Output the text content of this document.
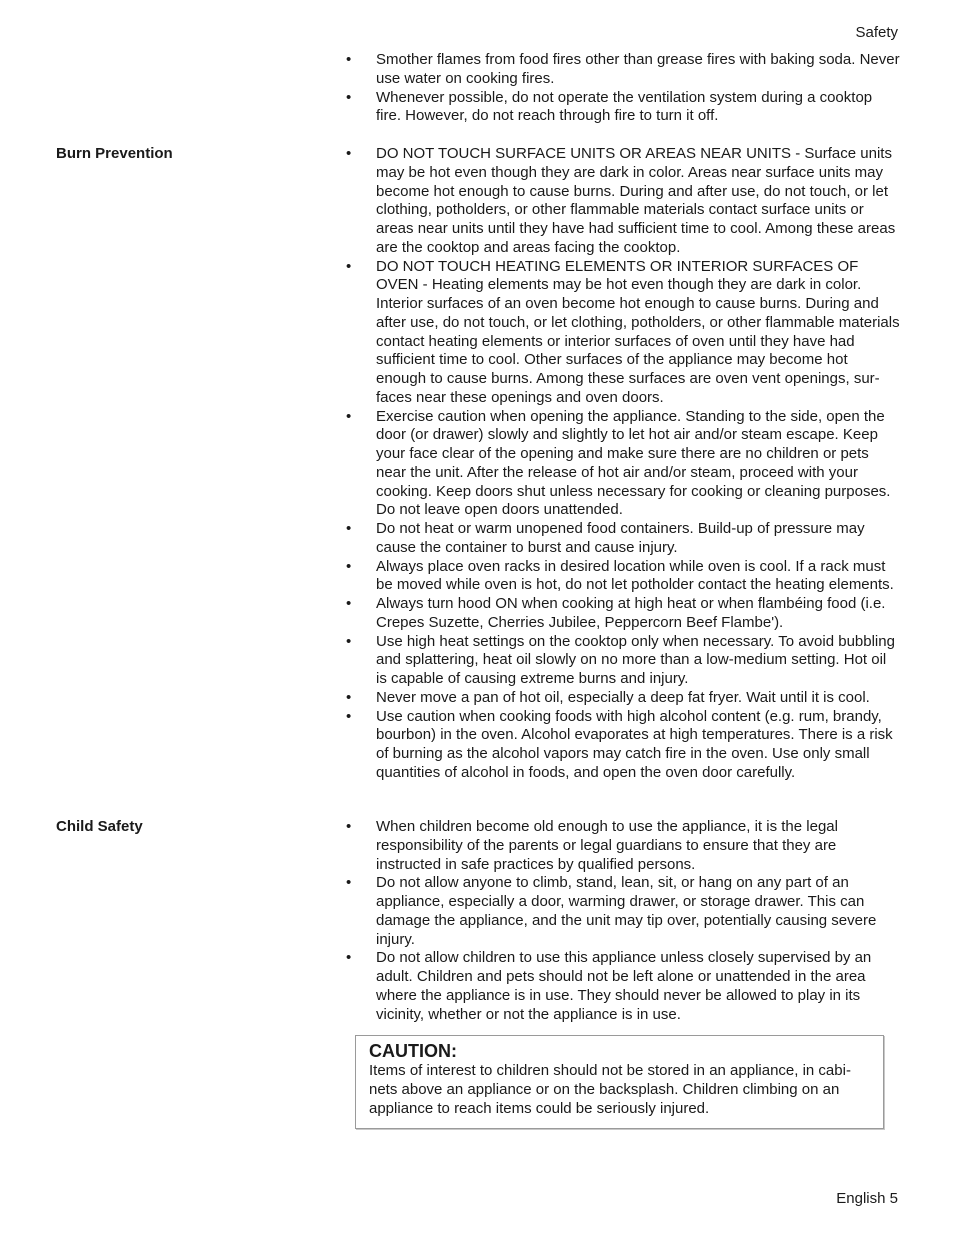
Safety
• Smother flames from food fires other than grease fires with baking soda. Never use water on cooking fires.
• Whenever possible, do not operate the ventilation system during a cooktop fire. However, do not reach through fire to turn it off.
Burn Prevention	• DO NOT TOUCH SURFACE UNITS OR AREAS NEAR UNITS - Surface units may be hot even though they are dark in color. Areas near surface units may become hot enough to cause burns. During and after use, do not touch, or let clothing, potholders, or other flammable materials contact surface units or areas near units until they have had sufficient time to cool. Among these areas are the cooktop and areas facing the cooktop.
• DO NOT TOUCH HEATING ELEMENTS OR INTERIOR SURFACES OF OVEN - Heating elements may be hot even though they are dark in color. Interior surfaces of an oven become hot enough to cause burns. During and after use, do not touch, or let clothing, potholders, or other flammable materials contact heating elements or interior surfaces of oven until they have had sufficient time to cool. Other surfaces of the appliance may become hot enough to cause burns. Among these surfaces are oven vent openings, surfaces near these openings and oven doors.
• Exercise caution when opening the appliance. Standing to the side, open the door (or drawer) slowly and slightly to let hot air and/or steam escape. Keep your face clear of the opening and make sure there are no children or pets near the unit. After the release of hot air and/or steam, proceed with your cooking. Keep doors shut unless necessary for cooking or cleaning purposes. Do not leave open doors unattended.
• Do not heat or warm unopened food containers. Build-up of pressure may cause the container to burst and cause injury.
• Always place oven racks in desired location while oven is cool. If a rack must be moved while oven is hot, do not let potholder contact the heating elements.
• Always turn hood ON when cooking at high heat or when flambéing food (i.e. Crepes Suzette, Cherries Jubilee, Peppercorn Beef Flambe').
• Use high heat settings on the cooktop only when necessary. To avoid bubbling and splattering, heat oil slowly on no more than a low-medium setting. Hot oil is capable of causing extreme burns and injury.
• Never move a pan of hot oil, especially a deep fat fryer. Wait until it is cool.
• Use caution when cooking foods with high alcohol content (e.g. rum, brandy, bourbon) in the oven. Alcohol evaporates at high temperatures. There is a risk of burning as the alcohol vapors may catch fire in the oven. Use only small quantities of alcohol in foods, and open the oven door carefully.
Child Safety	• When children become old enough to use the appliance, it is the legal responsibility of the parents or legal guardians to ensure that they are instructed in safe practices by qualified persons.
• Do not allow anyone to climb, stand, lean, sit, or hang on any part of an appliance, especially a door, warming drawer, or storage drawer. This can damage the appliance, and the unit may tip over, potentially causing severe injury.
• Do not allow children to use this appliance unless closely supervised by an adult. Children and pets should not be left alone or unattended in the area where the appliance is in use. They should never be allowed to play in its vicinity, whether or not the appliance is in use.
CAUTION:
Items of interest to children should not be stored in an appliance, in cabinets above an appliance or on the backsplash. Children climbing on an appliance to reach items could be seriously injured.
English 5
